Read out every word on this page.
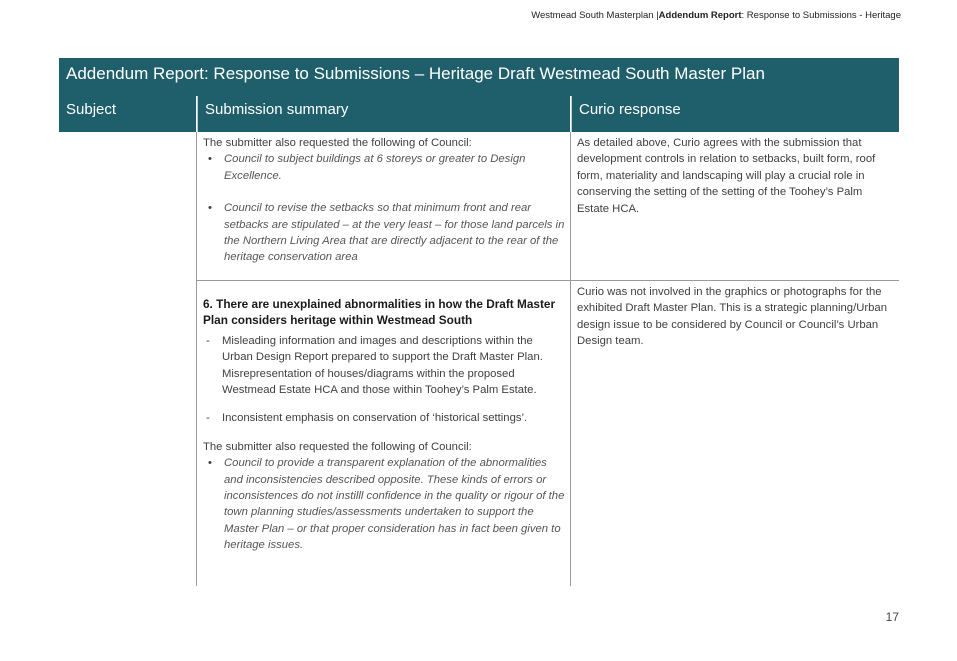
Westmead South Masterplan |Addendum Report: Response to Submissions - Heritage
Addendum Report: Response to Submissions – Heritage Draft Westmead South Master Plan
Subject	Submission summary	Curio response

The submitter also requested the following of Council:

• Council to subject buildings at 6 storeys or greater to Design Excellence.
• Council to revise the setbacks so that minimum front and rear setbacks are stipulated – at the very least – for those land parcels in the Northern Living Area that are directly adjacent to the rear of the heritage conservation area

As detailed above, Curio agrees with the submission that development controls in relation to setbacks, built form, roof form, materiality and landscaping will play a crucial role in conserving the setting of the setting of the Toohey’s Palm Estate HCA.

6. There are unexplained abnormalities in how the Draft Master Plan considers heritage within Westmead South

- Misleading information and images and descriptions within the Urban Design Report prepared to support the Draft Master Plan. Misrepresentation of houses/diagrams within the proposed Westmead Estate HCA and those within Toohey’s Palm Estate.
- Inconsistent emphasis on conservation of ‘historical settings’.

The submitter also requested the following of Council:

• Council to provide a transparent explanation of the abnormalities and inconsistencies described opposite. These kinds of errors or inconsistences do not instilll confidence in the quality or rigour of the town planning studies/assessments undertaken to support the Master Plan – or that proper consideration has in fact been given to heritage issues.

Curio was not involved in the graphics or photographs for the exhibited Draft Master Plan. This is a strategic planning/Urban design issue to be considered by Council or Council’s Urban Design team.

17
